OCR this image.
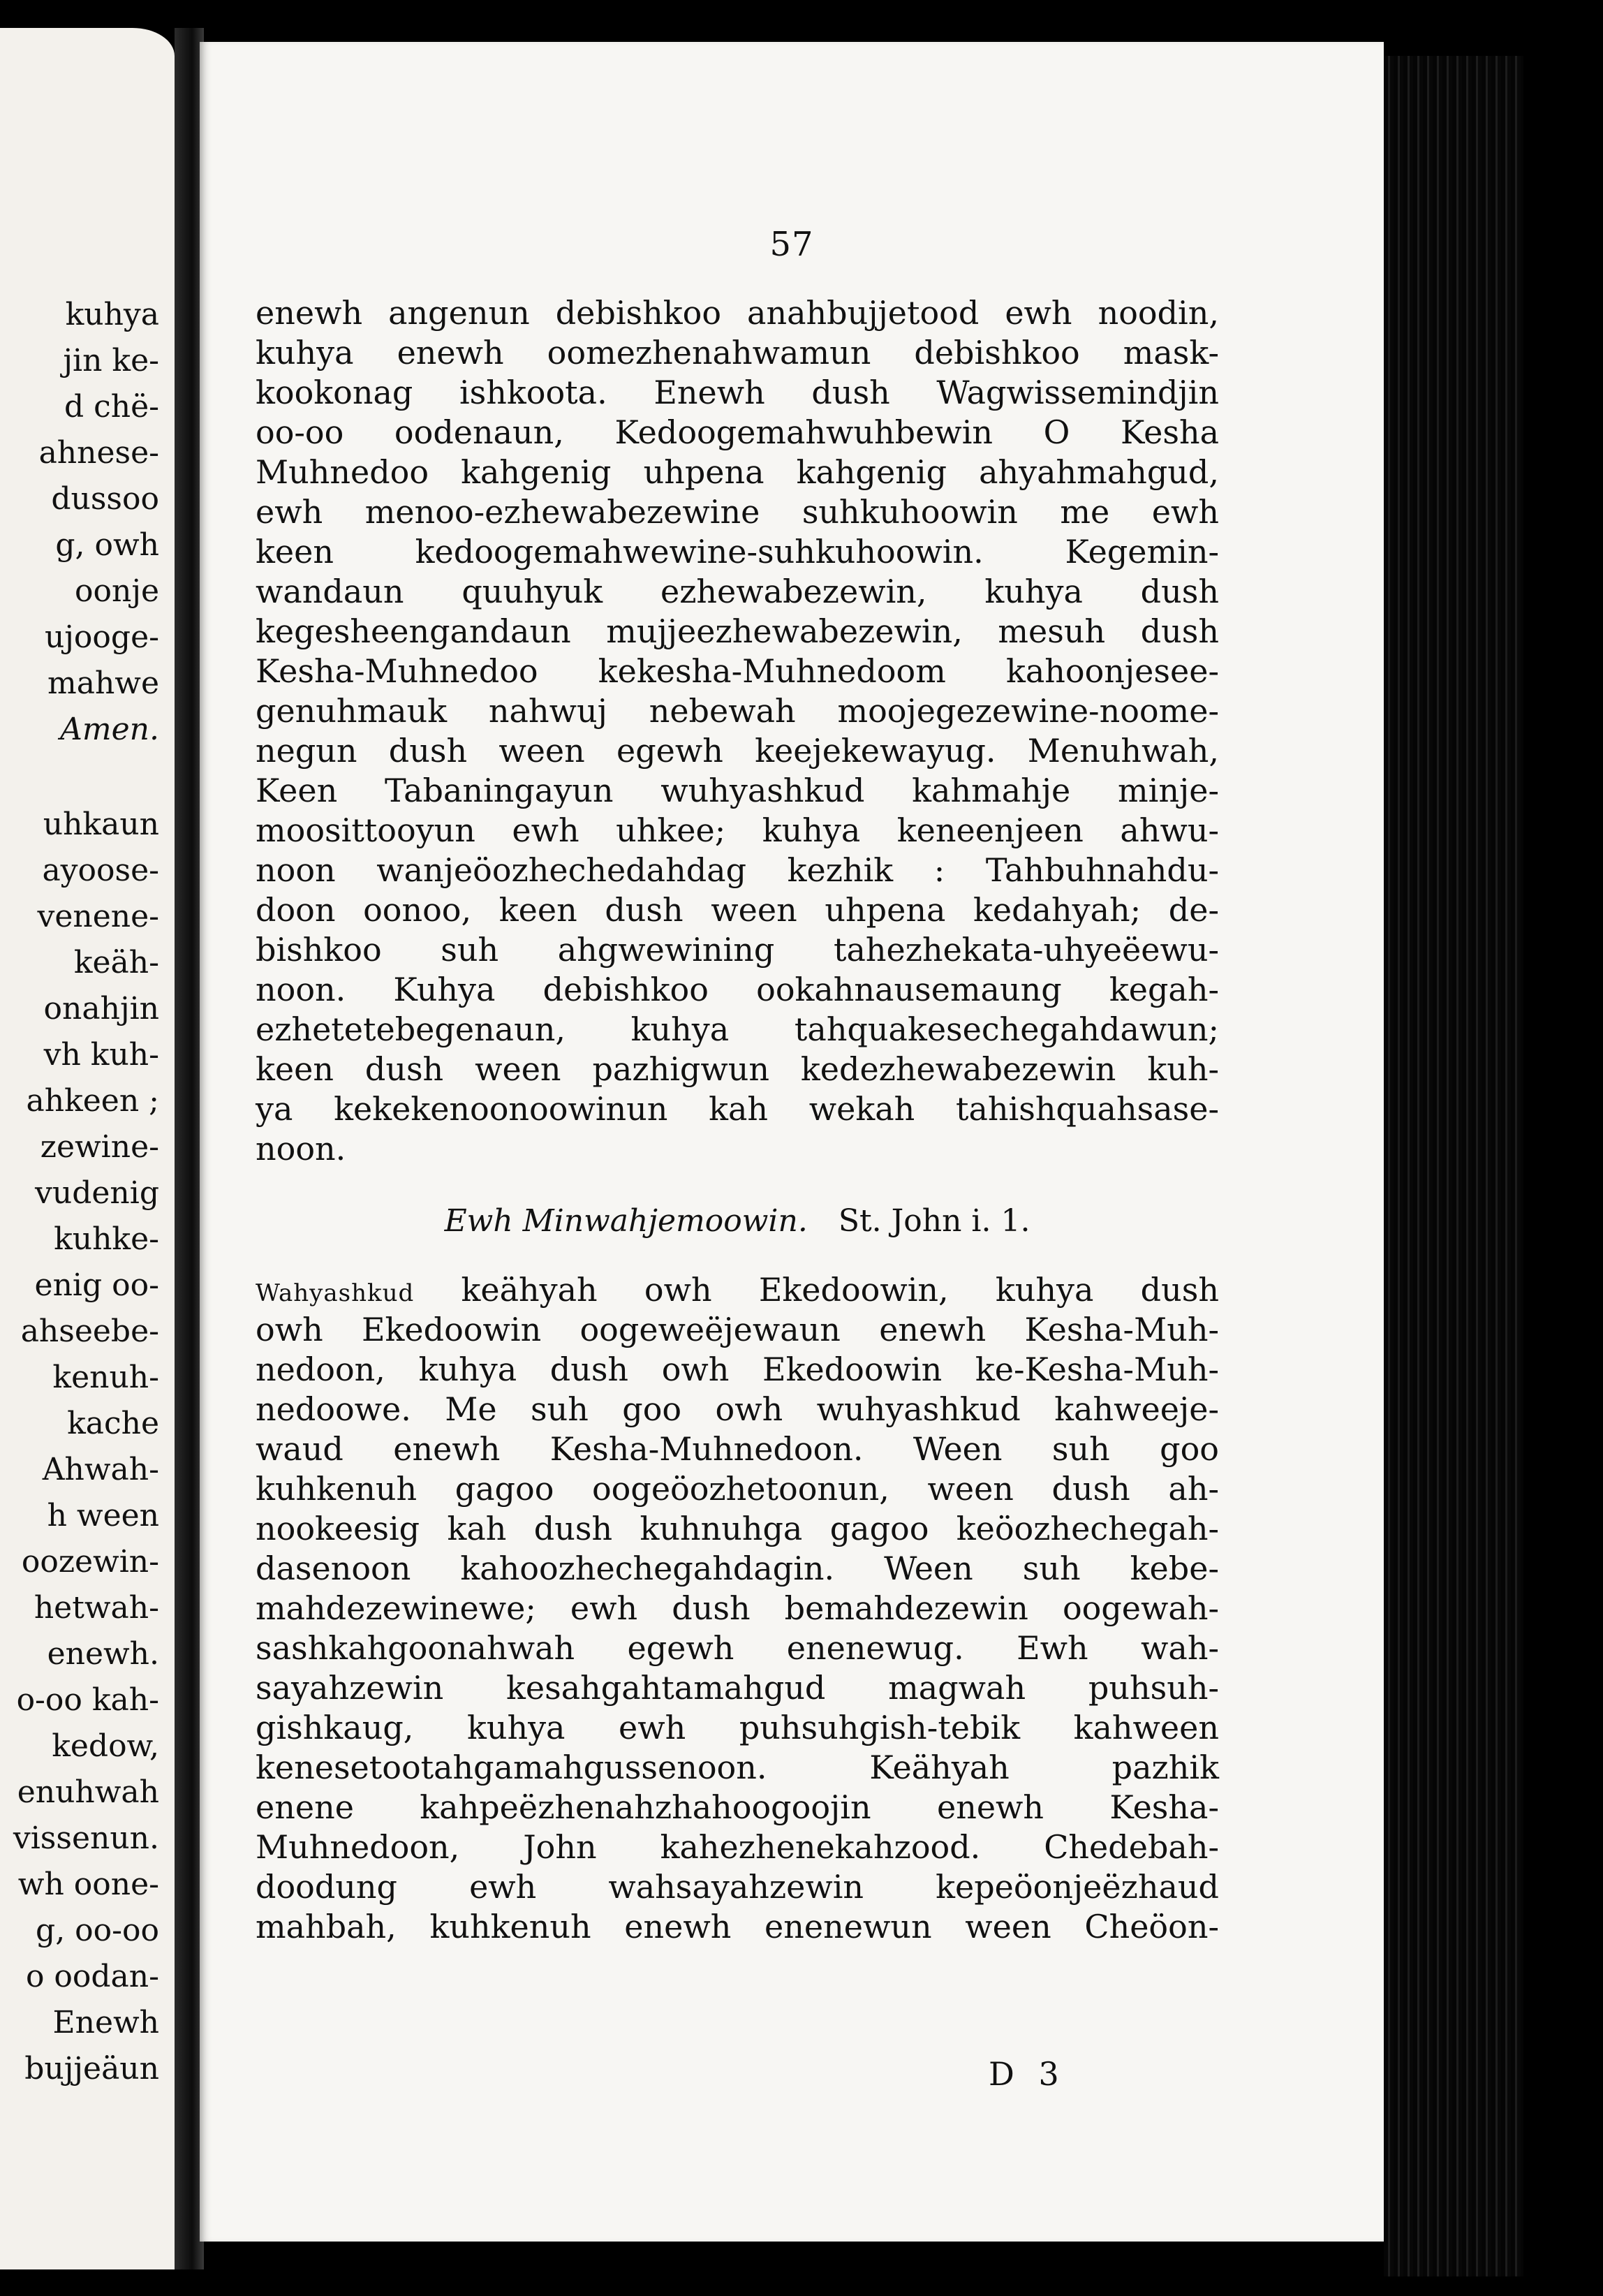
kuhya
jin ke-
d chë-
ahnese-
dussoo
g, owh
oonje
ujooge-
mahwe
Amen.
uhkaun
ayoose-
venene-
keäh-
onahjin
vh kuh-
ahkeen ;
zewine-
vudenig
kuhke-
enig oo-
ahseebe-
kenuh-
kache
Ahwah-
h ween
oozewin-
hetwah-
enewh.
o-oo kah-
kedow,
enuhwah
vissenun.
wh oone-
g, oo-oo
o oodan-
Enewh
bujjeäun
57
enewh angenun debishkoo anahbujjetood ewh noodin,
kuhya enewh oomezhenahwamun debishkoo mask-
kookonag ishkoota. Enewh dush Wagwissemindjin
oo-oo oodenaun, Kedoogemahwuhbewin O Kesha
Muhnedoo kahgenig uhpena kahgenig ahyahmahgud,
ewh menoo-ezhewabezewine suhkuhoowin me ewh
keen kedoogemahwewine-suhkuhoowin. Kegemin-
wandaun quuhyuk ezhewabezewin, kuhya dush
kegesheengandaun mujjeezhewabezewin, mesuh dush
Kesha-Muhnedoo kekesha-Muhnedoom kahoonjesee-
genuhmauk nahwuj nebewah moojegezewine-noome-
negun dush ween egewh keejekewayug. Menuhwah,
Keen Tabaningayun wuhyashkud kahmahje minje-
moosittooyun ewh uhkee; kuhya keneenjeen ahwu-
noon wanjeöozhechedahdag kezhik : Tahbuhnahdu-
doon oonoo, keen dush ween uhpena kedahyah; de-
bishkoo suh ahgwewining tahezhekata-uhyeëewu-
noon. Kuhya debishkoo ookahnausemaung kegah-
ezhetetebegenaun, kuhya tahquakesechegahdawun;
keen dush ween pazhigwun kedezhewabezewin kuh-
ya kekekenoonoowinun kah wekah tahishquahsase-
noon.
Ewh Minwahjemoowin. St. John i. 1.
Wahyashkud keähyah owh Ekedoowin, kuhya dush
owh Ekedoowin oogeweëjewaun enewh Kesha-Muh-
nedoon, kuhya dush owh Ekedoowin ke-Kesha-Muh-
nedoowe. Me suh goo owh wuhyashkud kahweeje-
waud enewh Kesha-Muhnedoon. Ween suh goo
kuhkenuh gagoo oogeöozhetoonun, ween dush ah-
nookeesig kah dush kuhnuhga gagoo keöozhechegah-
dasenoon kahoozhechegahdagin. Ween suh kebe-
mahdezewinewe; ewh dush bemahdezewin oogewah-
sashkahgoonahwah egewh enenewug. Ewh wah-
sayahzewin kesahgahtamahgud magwah puhsuh-
gishkaug, kuhya ewh puhsuhgish-tebik kahween
kenesetootahgamahgussenoon. Keähyah pazhik
enene kahpeëzhenahzhahoogoojin enewh Kesha-
Muhnedoon, John kahezhenekahzood. Chedebah-
doodung ewh wahsayahzewin kepeöonjeëzhaud
mahbah, kuhkenuh enewh enenewun ween Cheöon-
D 3
